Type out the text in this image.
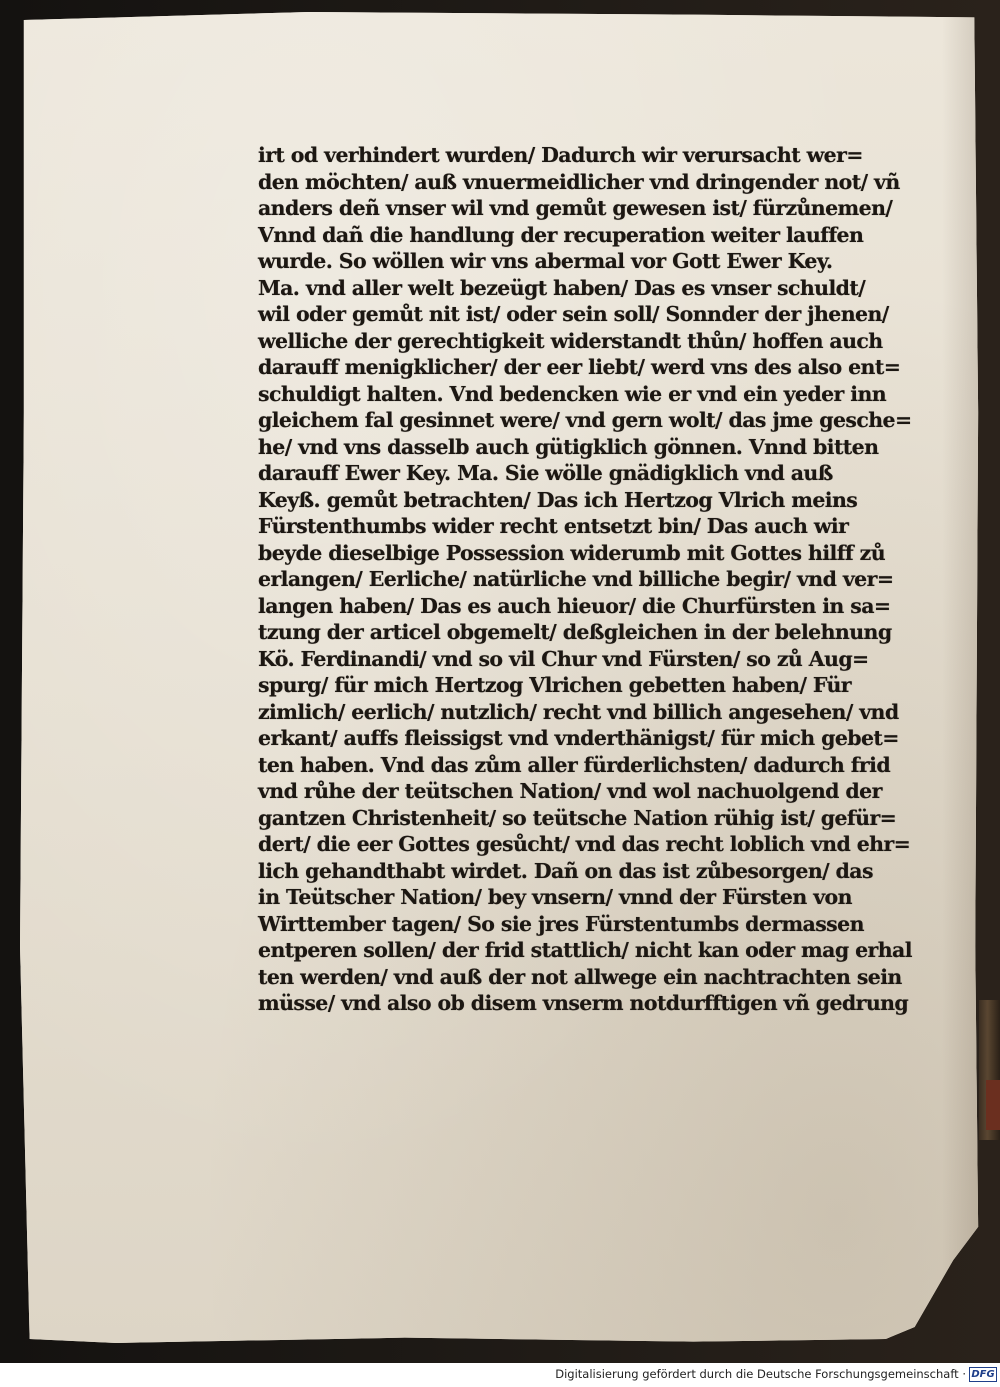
irt od verhindert wurden/ Dadurch wir verursacht wer=
den möchten/ auß vnuermeidlicher vnd dringender not/ vñ
anders deñ vnser wil vnd gemůt gewesen ist/ fürzůnemen/
Vnnd dañ die handlung der recuperation weiter lauffen
wurde. So wöllen wir vns abermal vor Gott Ewer Key.
Ma. vnd aller welt bezeügt haben/ Das es vnser schuldt/
wil oder gemůt nit ist/ oder sein soll/ Sonnder der jhenen/
welliche der gerechtigkeit widerstandt thůn/ hoffen auch
darauff menigklicher/ der eer liebt/ werd vns des also ent=
schuldigt halten. Vnd bedencken wie er vnd ein yeder inn
gleichem fal gesinnet were/ vnd gern wolt/ das jme gesche=
he/ vnd vns dasselb auch gütigklich gönnen. Vnnd bitten
darauff Ewer Key. Ma. Sie wölle gnädigklich vnd auß
Keyß. gemůt betrachten/ Das ich Hertzog Vlrich meins
Fürstenthumbs wider recht entsetzt bin/ Das auch wir
beyde dieselbige Possession widerumb mit Gottes hilff zů
erlangen/ Eerliche/ natürliche vnd billiche begir/ vnd ver=
langen haben/ Das es auch hieuor/ die Churfürsten in sa=
tzung der articel obgemelt/ deßgleichen in der belehnung
Kö. Ferdinandi/ vnd so vil Chur vnd Fürsten/ so zů Aug=
spurg/ für mich Hertzog Vlrichen gebetten haben/ Für
zimlich/ eerlich/ nutzlich/ recht vnd billich angesehen/ vnd
erkant/ auffs fleissigst vnd vnderthänigst/ für mich gebet=
ten haben. Vnd das zům aller fürderlichsten/ dadurch frid
vnd růhe der teütschen Nation/ vnd wol nachuolgend der
gantzen Christenheit/ so teütsche Nation rühig ist/ gefür=
dert/ die eer Gottes gesůcht/ vnd das recht loblich vnd ehr=
lich gehandthabt wirdet. Dañ on das ist zůbesorgen/ das
in Teütscher Nation/ bey vnsern/ vnnd der Fürsten von
Wirttember tagen/ So sie jres Fürstentumbs dermassen
entperen sollen/ der frid stattlich/ nicht kan oder mag erhal
ten werden/ vnd auß der not allwege ein nachtrachten sein
müsse/ vnd also ob disem vnserm notdurfftigen vñ gedrung
Digitalisierung gefördert durch die Deutsche Forschungsgemeinschaft · DFG
